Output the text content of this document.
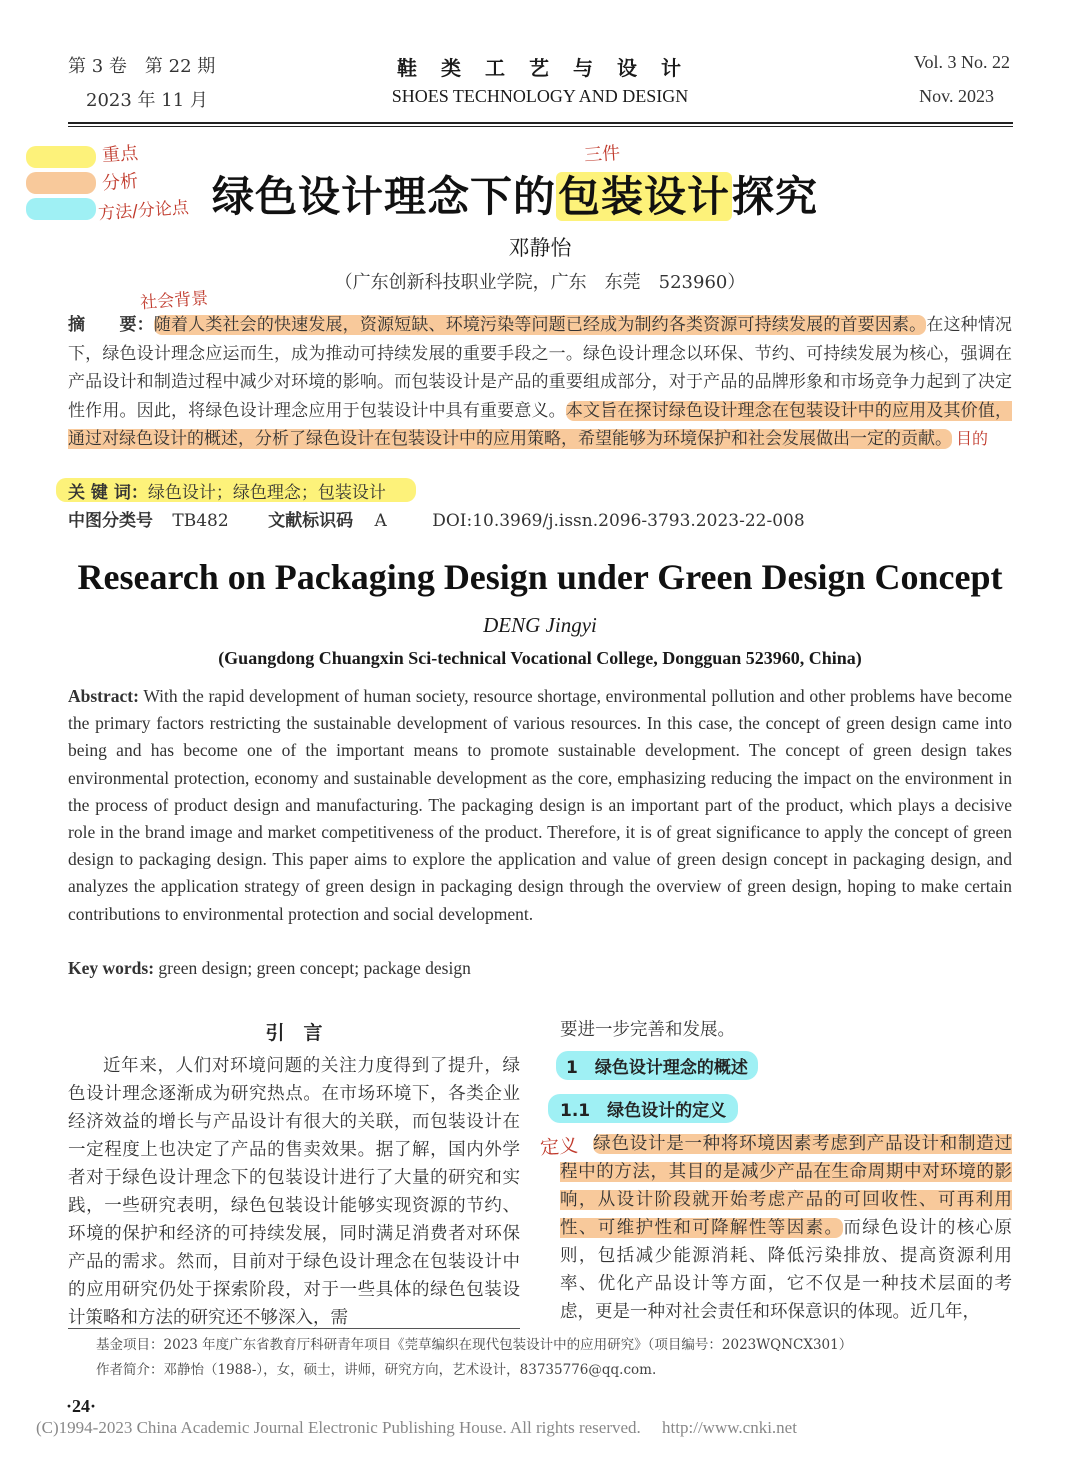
第 3 卷　第 22 期
2023 年 11 月
鞋　类　工　艺　与　设　计
SHOES TECHNOLOGY AND DESIGN
Vol. 3 No. 22
Nov. 2023
重点
分析
方法/分论点
三件
绿色设计理念下的包装设计探究
邓静怡
（广东创新科技职业学院，广东　东莞　523960）
社会背景
摘　　要：随着人类社会的快速发展，资源短缺、环境污染等问题已经成为制约各类资源可持续发展的首要因素。在这种情况下，绿色设计理念应运而生，成为推动可持续发展的重要手段之一。绿色设计理念以环保、节约、可持续发展为核心，强调在产品设计和制造过程中减少对环境的影响。而包装设计是产品的重要组成部分，对于产品的品牌形象和市场竞争力起到了决定性作用。因此，将绿色设计理念应用于包装设计中具有重要意义。本文旨在探讨绿色设计理念在包装设计中的应用及其价值，通过对绿色设计的概述，分析了绿色设计在包装设计中的应用策略，希望能够为环境保护和社会发展做出一定的贡献。 目的
关 键 词：绿色设计；绿色理念；包装设计
中图分类号 TB482 文献标识码 A	DOI:10.3969/j.issn.2096-3793.2023-22-008
Research on Packaging Design under Green Design Concept
DENG Jingyi
(Guangdong Chuangxin Sci-technical Vocational College, Dongguan 523960, China)
Abstract: With the rapid development of human society, resource shortage, environmental pollution and other problems have become the primary factors restricting the sustainable development of various resources. In this case, the concept of green design came into being and has become one of the important means to promote sustainable development. The concept of green design takes environmental protection, economy and sustainable development as the core, emphasizing reducing the impact on the environment in the process of product design and manufacturing. The packaging design is an important part of the product, which plays a decisive role in the brand image and market competitiveness of the product. Therefore, it is of great significance to apply the concept of green design to packaging design. This paper aims to explore the application and value of green design concept in packaging design, and analyzes the application strategy of green design in packaging design through the overview of green design, hoping to make certain contributions to environmental protection and social development.
Key words: green design; green concept; package design
引　言
近年来，人们对环境问题的关注力度得到了提升，绿色设计理念逐渐成为研究热点。在市场环境下，各类企业经济效益的增长与产品设计有很大的关联，而包装设计在一定程度上也决定了产品的售卖效果。据了解，国内外学者对于绿色设计理念下的包装设计进行了大量的研究和实践，一些研究表明，绿色包装设计能够实现资源的节约、环境的保护和经济的可持续发展，同时满足消费者对环保产品的需求。然而，目前对于绿色设计理念在包装设计中的应用研究仍处于探索阶段，对于一些具体的绿色包装设计策略和方法的研究还不够深入，需
要进一步完善和发展。
1　绿色设计理念的概述
1.1　绿色设计的定义
定义 绿色设计是一种将环境因素考虑到产品设计和制造过程中的方法，其目的是减少产品在生命周期中对环境的影响，从设计阶段就开始考虑产品的可回收性、可再利用性、可维护性和可降解性等因素。而绿色设计的核心原则，包括减少能源消耗、降低污染排放、提高资源利用率、优化产品设计等方面，它不仅是一种技术层面的考虑，更是一种对社会责任和环保意识的体现。近几年，
基金项目：2023 年度广东省教育厅科研青年项目《莞草编织在现代包装设计中的应用研究》（项目编号：2023WQNCX301）
作者简介：邓静怡（1988-），女，硕士，讲师，研究方向，艺术设计，83735776@qq.com.
·24·
(C)1994-2023 China Academic Journal Electronic Publishing House. All rights reserved.　 http://www.cnki.net
